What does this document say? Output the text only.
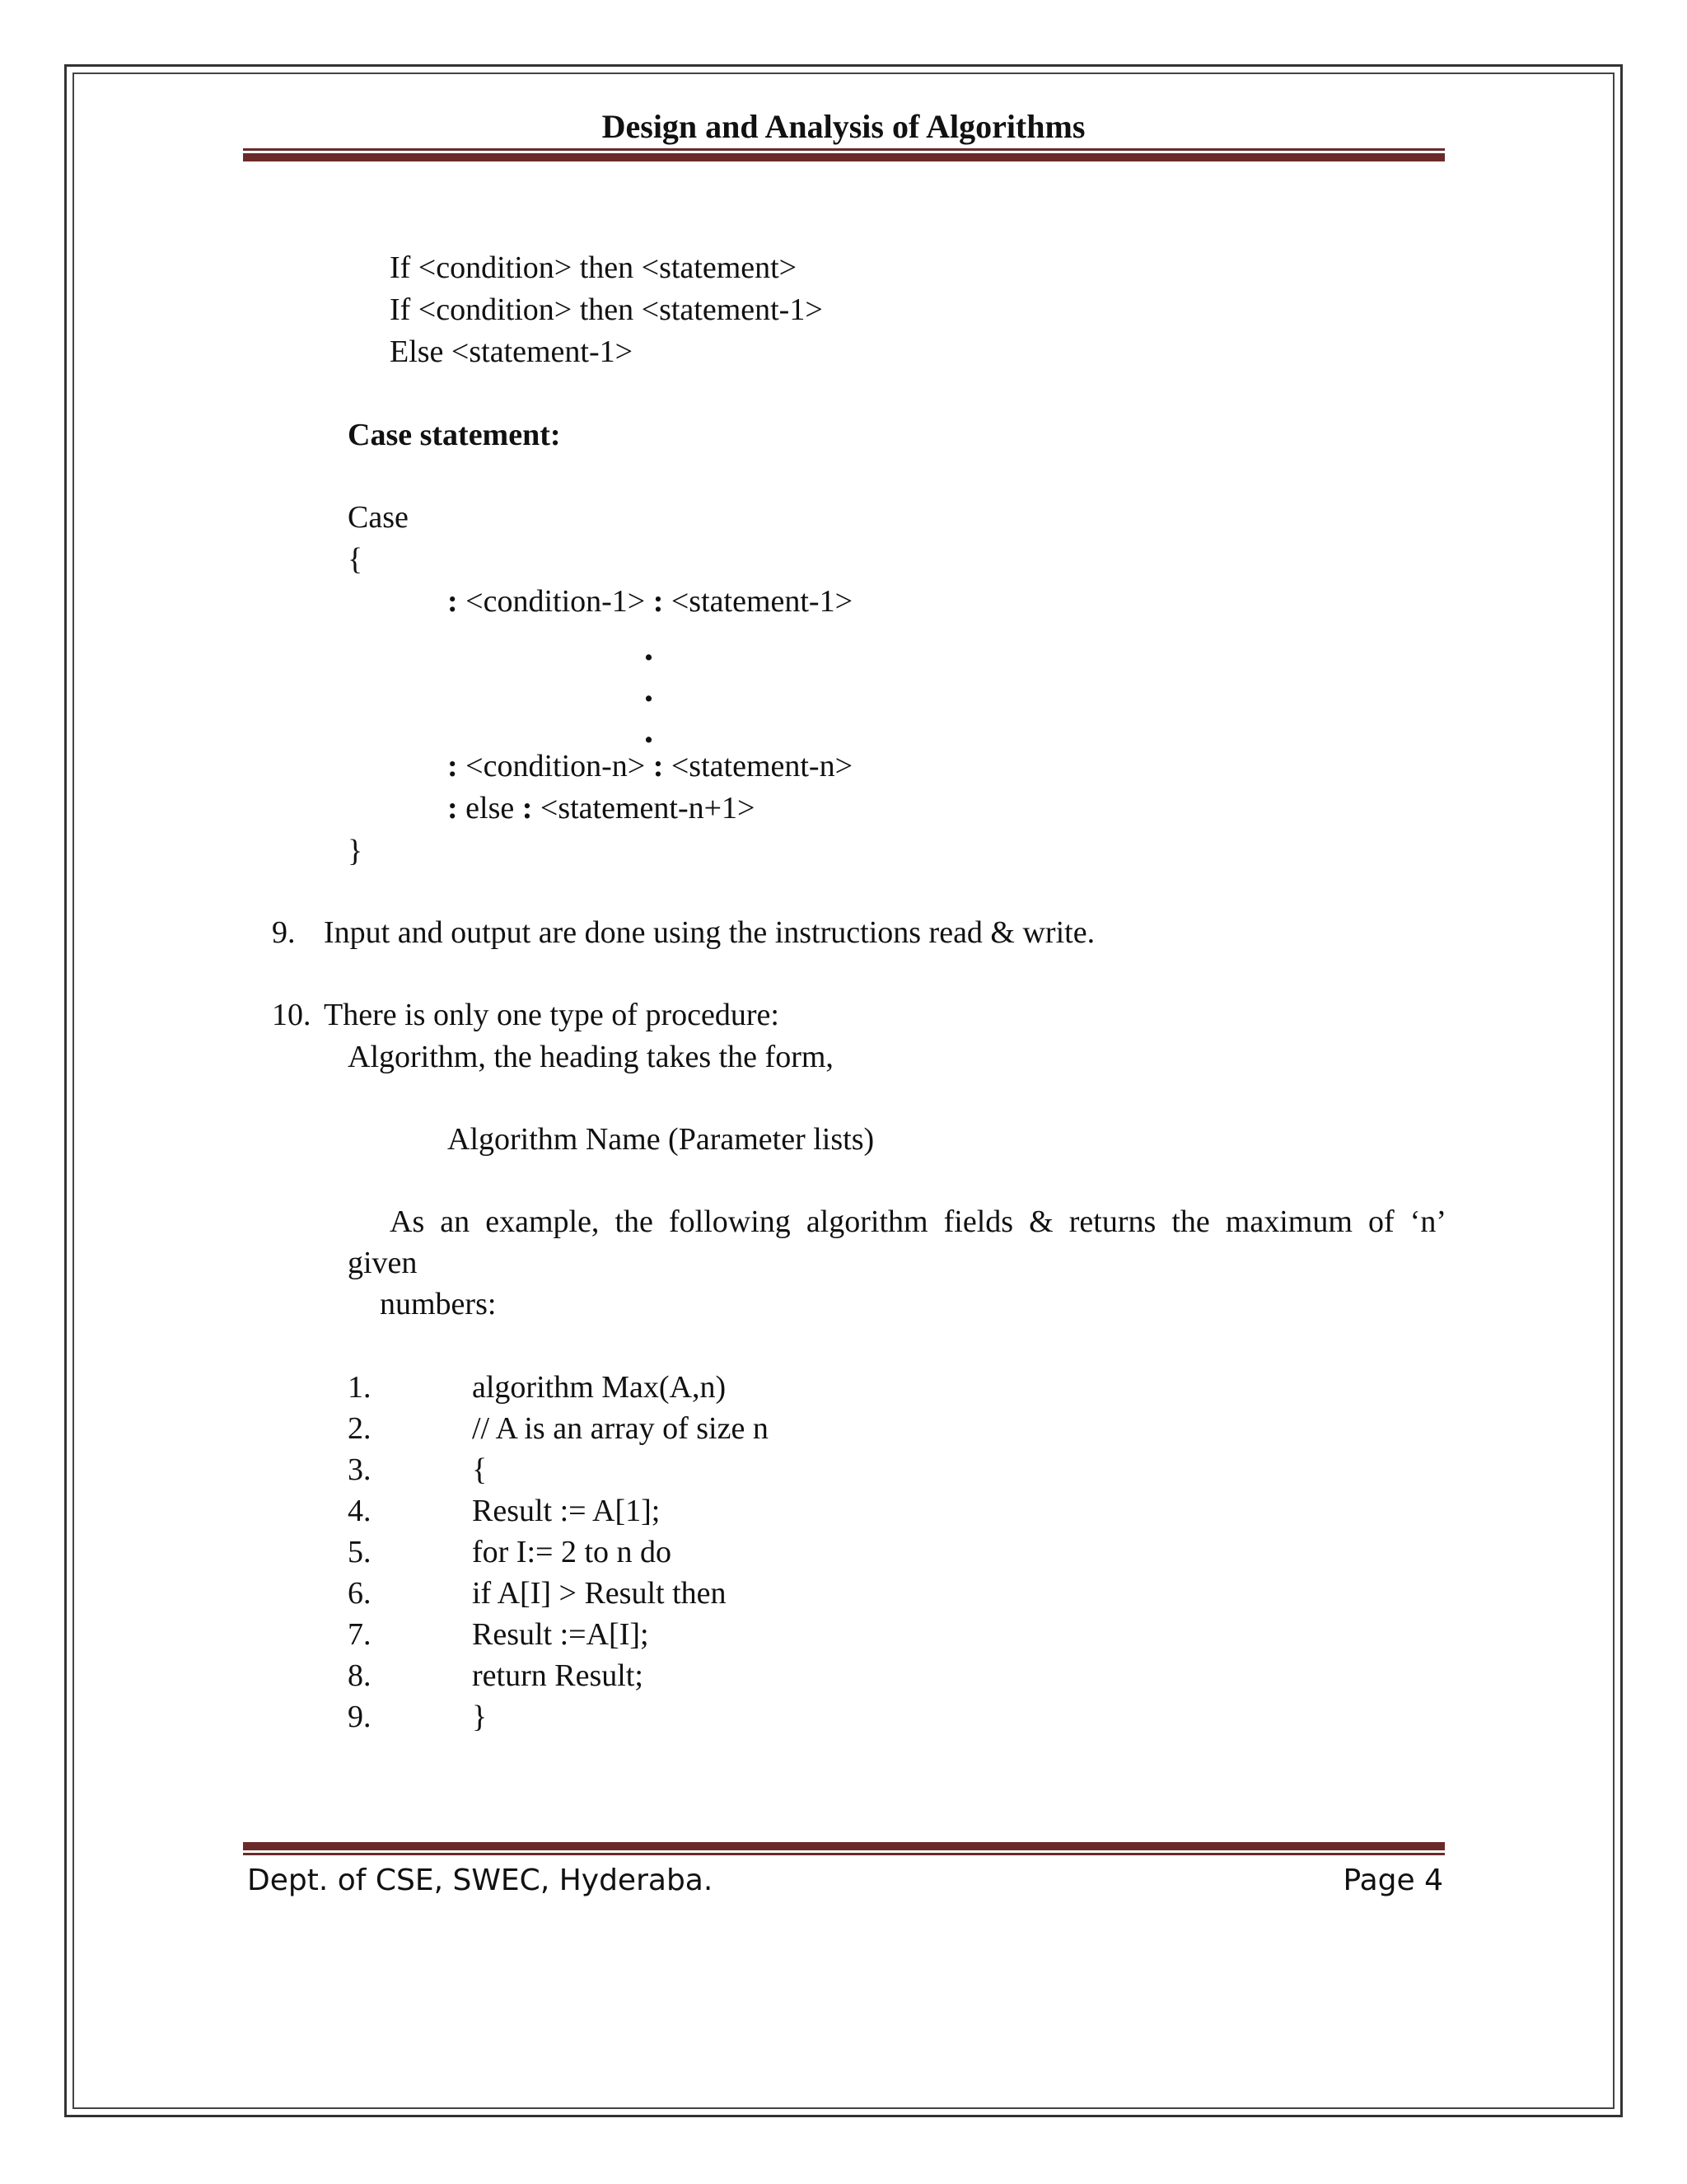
Design and Analysis of Algorithms
If <condition> then <statement>
If <condition> then <statement-1>
Else <statement-1>
Case statement:
Case
{
: <condition-1> : <statement-1>
.
.
.
: <condition-n> : <statement-n>
: else : <statement-n+1>
}
9. Input and output are done using the instructions read & write.
10. There is only one type of procedure:
Algorithm, the heading takes the form,
Algorithm Name (Parameter lists)
As an example, the following algorithm fields & returns the maximum of ‘n’
given
numbers:
1.	algorithm Max(A,n)
2.	// A is an array of size n
3.	{
4.	Result := A[1];
5.	for I:= 2 to n do
6.	if A[I] > Result then
7.	Result :=A[I];
8.	return Result;
9.	}
Dept. of CSE, SWEC, Hyderaba.	Page 4
